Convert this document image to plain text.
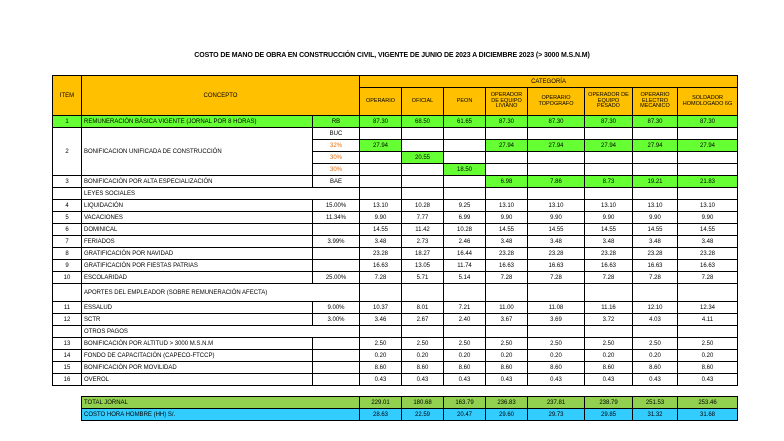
COSTO DE MANO DE OBRA EN CONSTRUCCIÓN CIVIL, VIGENTE DE JUNIO DE 2023 A DICIEMBRE 2023 (> 3000 M.S.N.M)
ITEM	CONCEPTO		CATEGORÍA							
			OPERARIO	OFICIAL	PEON	OPERADOR DE EQUIPO LIVIANO	OPERARIO TOPOGRAFO	OPERADOR DE EQUIPO PESADO	OPERARIO ELECTRO MECANICO	SOLDADOR HOMOLOGADO 6G
1	REMUNERACIÓN BÁSICA VIGENTE (JORNAL POR 8 HORAS)	RB	87.30	68.50	61.65	87.30	87.30	87.30	87.30	87.30
2	BONIFICACION UNIFICADA DE CONSTRUCCIÓN	BUC								
		32%	27.94			27.94	27.94	27.94	27.94	27.94
		30%		20.55						
		30%			18.50					
3	BONIFICACIÓN POR ALTA ESPECIALIZACIÓN	BAE				6.98	7.86	8.73	19.21	21.83
	LEYES SOCIALES									
4	LIQUIDACIÓN	15.00%	13.10	10.28	9.25	13.10	13.10	13.10	13.10	13.10
5	VACACIONES	11.34%	9.90	7.77	6.99	9.90	9.90	9.90	9.90	9.90
6	DOMINICAL		14.55	11.42	10.28	14.55	14.55	14.55	14.55	14.55
7	FERIADOS	3.99%	3.48	2.73	2.46	3.48	3.48	3.48	3.48	3.48
8	GRATIFICACIÓN POR NAVIDAD		23.28	18.27	16.44	23.28	23.28	23.28	23.28	23.28
9	GRATIFICACIÓN POR FIESTAS PATRIAS		16.63	13.05	11.74	16.63	16.63	16.63	16.63	16.63
10	ESCOLARIDAD	25.00%	7.28	5.71	5.14	7.28	7.28	7.28	7.28	7.28
	APORTES DEL EMPLEADOR (SOBRE REMUNERACIÓN AFECTA)									
11	ESSALUD	9.00%	10.37	8.01	7.21	11.00	11.08	11.16	12.10	12.34
12	SCTR	3.00%	3.46	2.67	2.40	3.67	3.69	3.72	4.03	4.11
	OTROS PAGOS									
13	BONIFICACIÓN POR ALTITUD > 3000 M.S.N.M		2.50	2.50	2.50	2.50	2.50	2.50	2.50	2.50
14	FONDO DE CAPACITACIÓN (CAPECO-FTCCP)		0.20	0.20	0.20	0.20	0.20	0.20	0.20	0.20
15	BONIFICACIÓN POR MOVILIDAD		8.60	8.60	8.60	8.60	8.60	8.60	8.60	8.60
16	OVEROL		0.43	0.43	0.43	0.43	0.43	0.43	0.43	0.43

	TOTAL JORNAL		229.01	180.68	163.79	236.83	237.81	238.79	251.53	253.46
	COSTO HORA HOMBRE (HH) S/.		28.63	22.59	20.47	29.60	29.73	29.85	31.32	31.68
